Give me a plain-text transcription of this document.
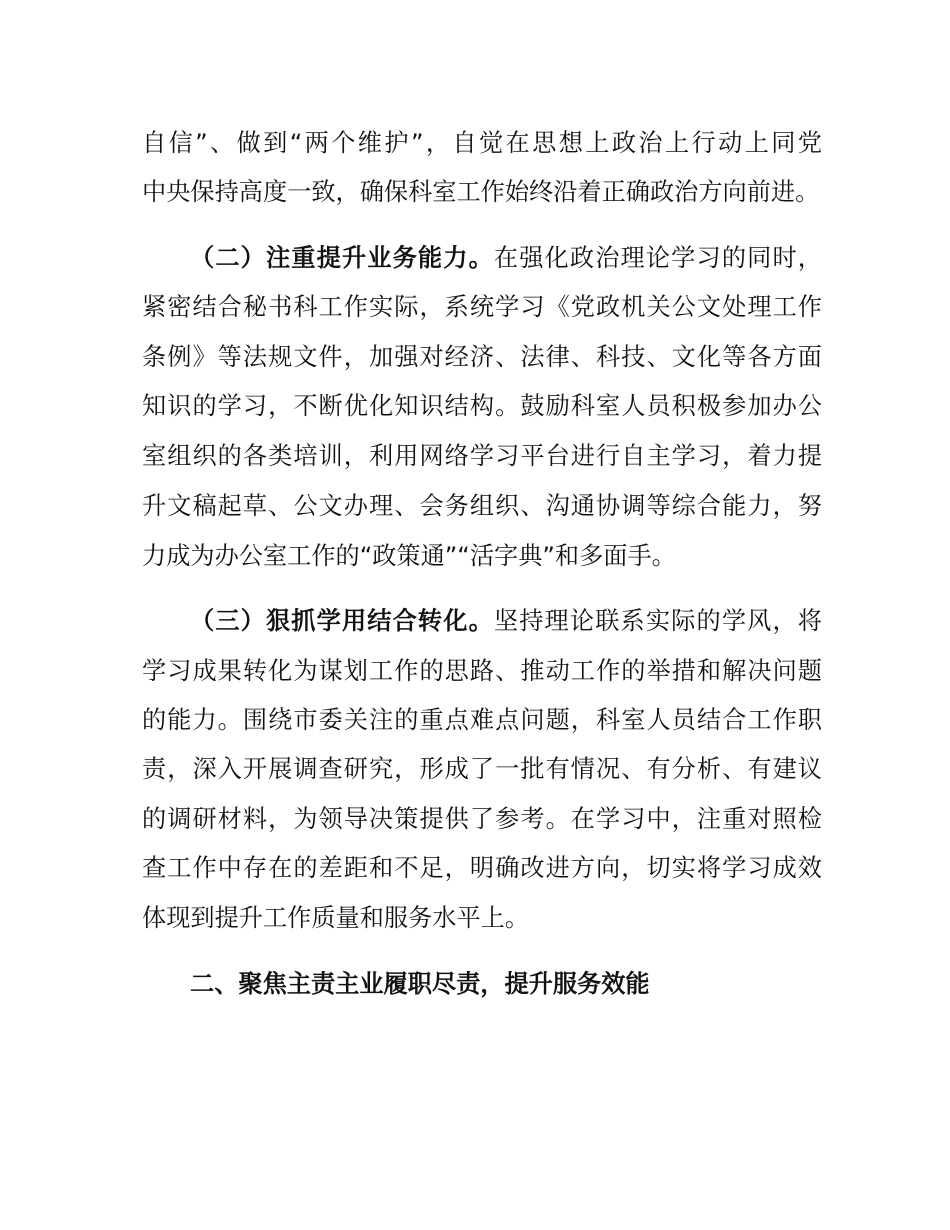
自信”、做到“两个维护”，自觉在思想上政治上行动上同党
中央保持高度一致，确保科室工作始终沿着正确政治方向前进。
（二）注重提升业务能力。在强化政治理论学习的同时，
紧密结合秘书科工作实际，系统学习《党政机关公文处理工作
条例》等法规文件，加强对经济、法律、科技、文化等各方面
知识的学习，不断优化知识结构。鼓励科室人员积极参加办公
室组织的各类培训，利用网络学习平台进行自主学习，着力提
升文稿起草、公文办理、会务组织、沟通协调等综合能力，努
力成为办公室工作的“政策通”“活字典”和多面手。
（三）狠抓学用结合转化。坚持理论联系实际的学风，将
学习成果转化为谋划工作的思路、推动工作的举措和解决问题
的能力。围绕市委关注的重点难点问题，科室人员结合工作职
责，深入开展调查研究，形成了一批有情况、有分析、有建议
的调研材料，为领导决策提供了参考。在学习中，注重对照检
查工作中存在的差距和不足，明确改进方向，切实将学习成效
体现到提升工作质量和服务水平上。
二、聚焦主责主业履职尽责，提升服务效能
